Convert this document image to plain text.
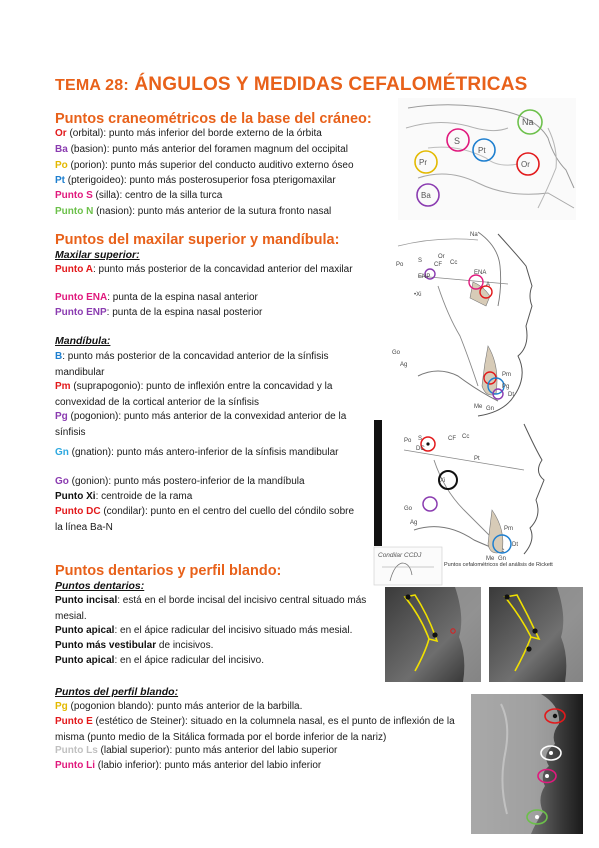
TEMA 28: ÁNGULOS Y MEDIDAS CEFALOMÉTRICAS
Puntos craneométricos de la base del cráneo:
Or (orbital): punto más inferior del borde externo de la órbita
Ba (basion): punto más anterior del foramen magnum del occipital
Po (porion): punto más superior del conducto auditivo externo óseo
Pt (pterigoideo): punto más posterosuperior fosa pterigomaxilar
Punto S (silla): centro de la silla turca
Punto N (nasion): punto más anterior de la sutura fronto nasal
S
Pt
Pr
Ba
Or
Na
Puntos del maxilar superior y mandíbula:
Maxilar superior:
Punto A: punto más posterior de la concavidad anterior del maxilar
Punto ENA: punta de la espina nasal anterior
Punto ENP: punta de la espina nasal posterior
Mandíbula:
B: punto más posterior de la concavidad anterior de la sínfisis mandibular
Pm (suprapogonio): punto de inflexión entre la concavidad y la convexidad de la cortical anterior de la sínfisis
Pg (pogonion): punto más anterior de la convexidad anterior de la sínfisis
Gn (gnation): punto más antero-inferior de la sínfisis mandibular
Go (gonion): punto más postero-inferior de la mandíbula
Punto Xi: centroide de la rama
Punto DC (condilar): punto en el centro del cuello del cóndilo sobre la línea Ba-N
Na
S
Or
Po	CF Cc
•Xi
ENP
A
ENA
Go
Ag
Pm
Pg
Me Gn
Dt
S
Po
DC
CF Cc
Xi
Go
Ag
Pm
Me Gn
Dt
Pt
Puntos cefalométricos del análisis de Rickett
Condilar CCDJ
Puntos dentarios y perfil blando:
Puntos dentarios:
Punto incisal: está en el borde incisal del incisivo central situado más mesial.
Punto apical: en el ápice radicular del incisivo situado más mesial.
Punto más vestibular de incisivos.
Punto apical: en el ápice radicular del incisivo.
Puntos del perfil blando:
Pg (pogonion blando): punto más anterior de la barbilla.
Punto E (estético de Steiner): situado en la columnela nasal, es el punto de inflexión de la misma (punto medio de la Sitálica formada por el borde inferior de la nariz)
Punto Ls (labial superior): punto más anterior del labio superior
Punto Li (labio inferior): punto más anterior del labio inferior
